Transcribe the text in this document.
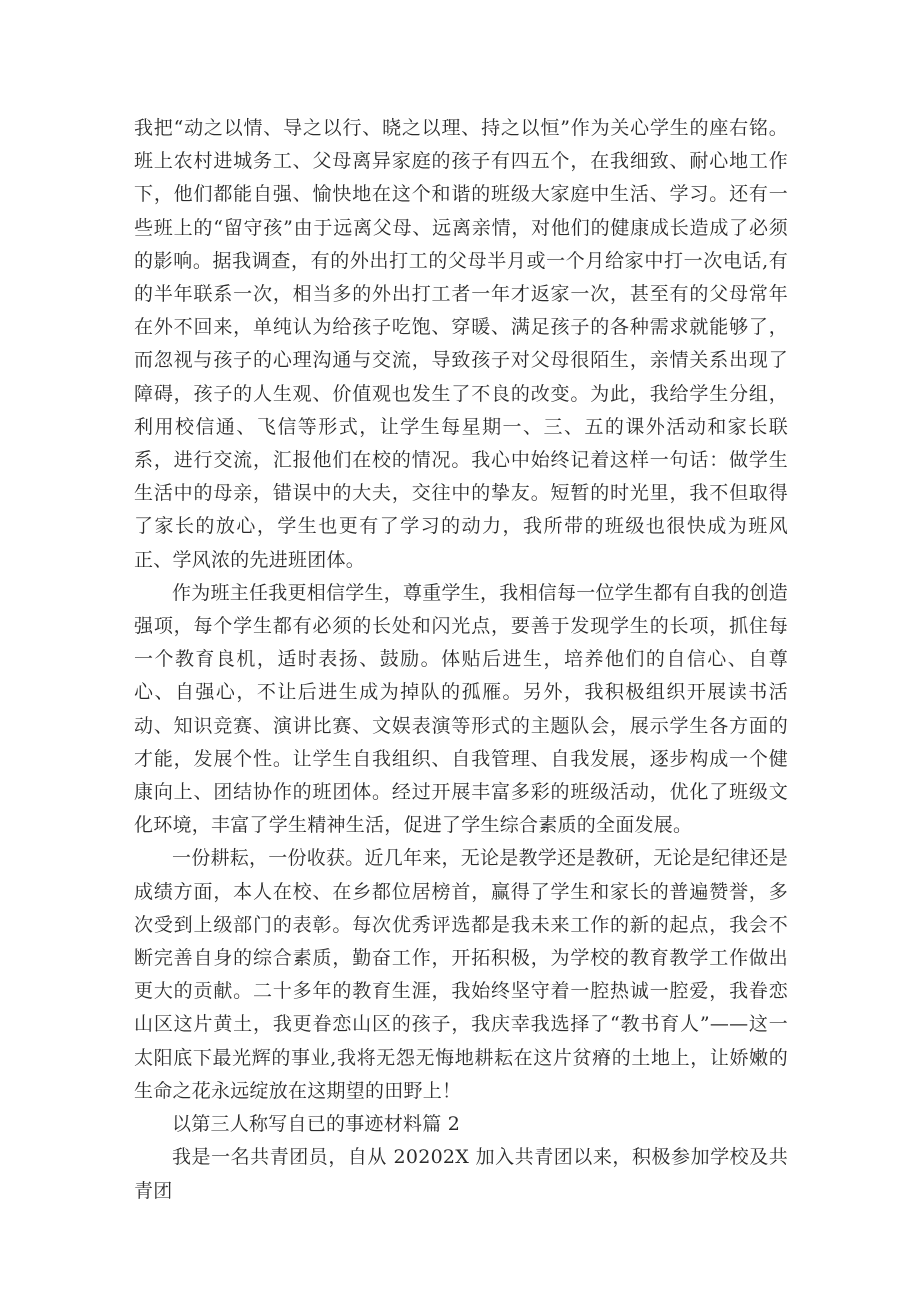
我把“动之以情、导之以行、晓之以理、持之以恒”作为关心学生的座右铭。班上农村进城务工、父母离异家庭的孩子有四五个，在我细致、耐心地工作下，他们都能自强、愉快地在这个和谐的班级大家庭中生活、学习。还有一些班上的“留守孩”由于远离父母、远离亲情，对他们的健康成长造成了必须的影响。据我调查，有的外出打工的父母半月或一个月给家中打一次电话,有的半年联系一次，相当多的外出打工者一年才返家一次，甚至有的父母常年在外不回来，单纯认为给孩子吃饱、穿暖、满足孩子的各种需求就能够了，而忽视与孩子的心理沟通与交流，导致孩子对父母很陌生，亲情关系出现了障碍，孩子的人生观、价值观也发生了不良的改变。为此，我给学生分组，利用校信通、飞信等形式，让学生每星期一、三、五的课外活动和家长联系，进行交流，汇报他们在校的情况。我心中始终记着这样一句话：做学生生活中的母亲，错误中的大夫，交往中的挚友。短暂的时光里，我不但取得了家长的放心，学生也更有了学习的动力，我所带的班级也很快成为班风正、学风浓的先进班团体。

作为班主任我更相信学生，尊重学生，我相信每一位学生都有自我的创造强项，每个学生都有必须的长处和闪光点，要善于发现学生的长项，抓住每一个教育良机，适时表扬、鼓励。体贴后进生，培养他们的自信心、自尊心、自强心，不让后进生成为掉队的孤雁。另外，我积极组织开展读书活动、知识竞赛、演讲比赛、文娱表演等形式的主题队会，展示学生各方面的才能，发展个性。让学生自我组织、自我管理、自我发展，逐步构成一个健康向上、团结协作的班团体。经过开展丰富多彩的班级活动，优化了班级文化环境，丰富了学生精神生活，促进了学生综合素质的全面发展。

一份耕耘，一份收获。近几年来，无论是教学还是教研，无论是纪律还是成绩方面，本人在校、在乡都位居榜首，赢得了学生和家长的普遍赞誉，多次受到上级部门的表彰。每次优秀评选都是我未来工作的新的起点，我会不断完善自身的综合素质，勤奋工作，开拓积极，为学校的教育教学工作做出更大的贡献。二十多年的教育生涯，我始终坚守着一腔热诚一腔爱，我眷恋山区这片黄土，我更眷恋山区的孩子，我庆幸我选择了“教书育人”——这一太阳底下最光辉的事业,我将无怨无悔地耕耘在这片贫瘠的土地上，让娇嫩的生命之花永远绽放在这期望的田野上！

以第三人称写自已的事迹材料篇 2

我是一名共青团员，自从 20202X 加入共青团以来，积极参加学校及共青团
